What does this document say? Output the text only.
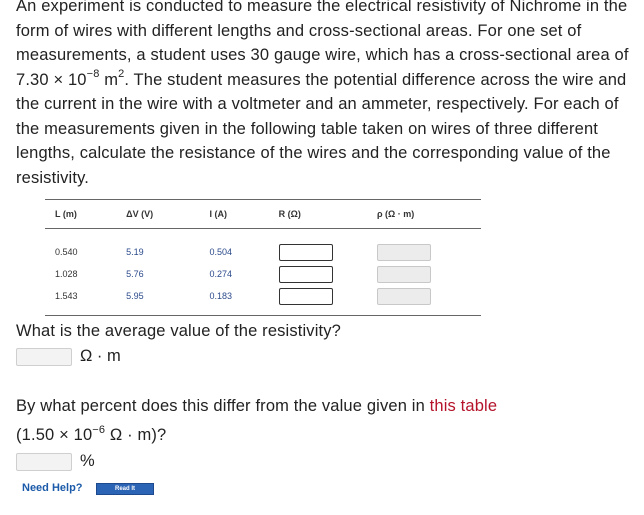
An experiment is conducted to measure the electrical resistivity of Nichrome in the form of wires with different lengths and cross-sectional areas. For one set of measurements, a student uses 30 gauge wire, which has a cross-sectional area of $7.30 \times 10^{-8}$ $m^2$. The student measures the potential difference across the wire and the current in the wire with a voltmeter and an ammeter, respectively. For each of the measurements given in the following table taken on wires of three different lengths, calculate the resistance of the wires and the corresponding value of the resistivity.
L (m)	ΔV (V)	I (A)	R (Ω)	ρ (Ω · m)
0.540	5.19	0.504		
1.028	5.76	0.274		
1.543	5.95	0.183		
What is the average value of the resistivity?
Ω · m
By what percent does this differ from the value given in this table
($1.50 \times 10^{-6}$ Ω · m)?
%
Need Help?	Read It
